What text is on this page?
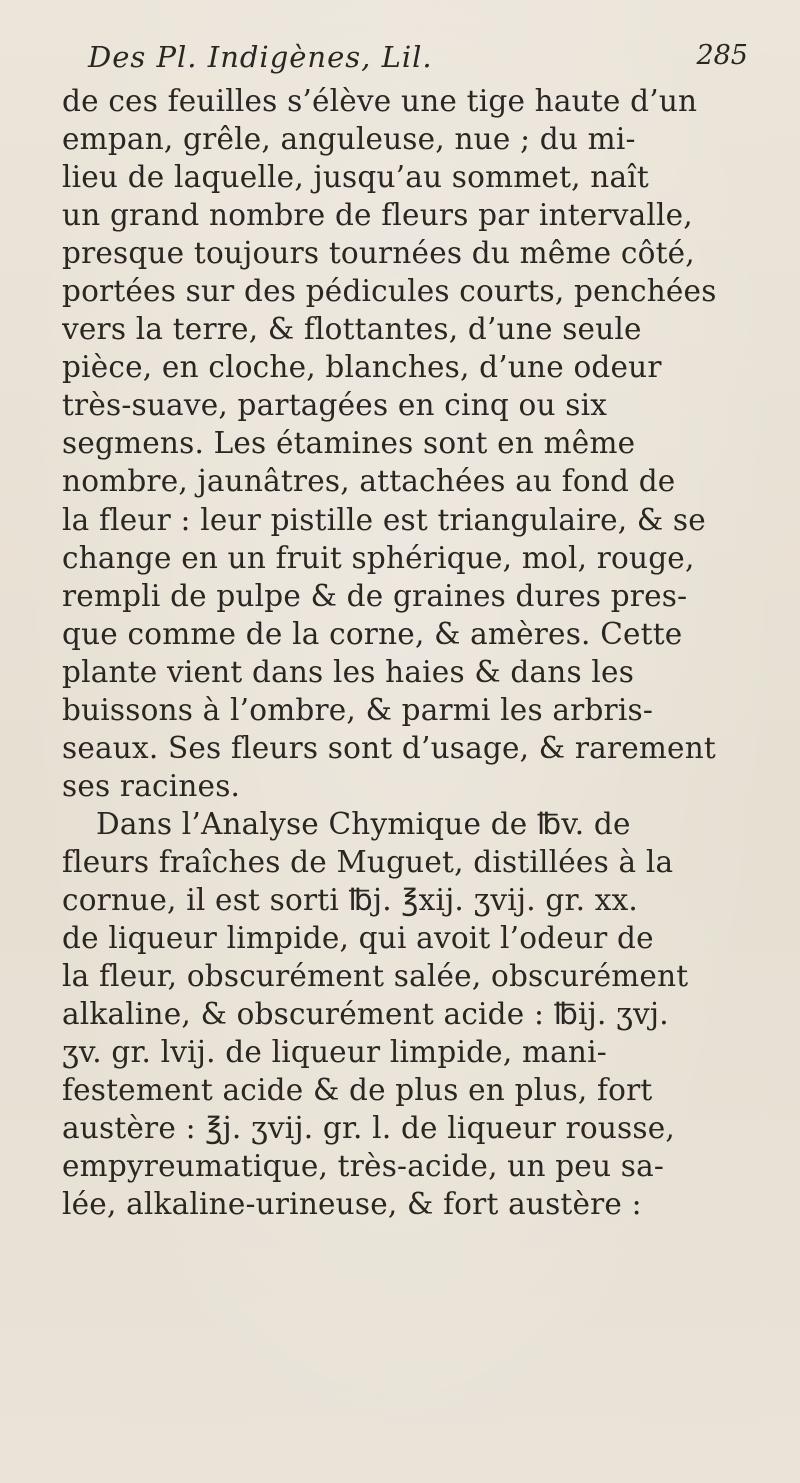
Des Pl. Indigènes, Lil.	285
de ces feuilles s’élève une tige haute d’un
empan, grêle, anguleuse, nue ; du mi-
lieu de laquelle, jusqu’au sommet, naît
un grand nombre de fleurs par intervalle,
presque toujours tournées du même côté,
portées sur des pédicules courts, penchées
vers la terre, & flottantes, d’une seule
pièce, en cloche, blanches, d’une odeur
très-suave, partagées en cinq ou six
segmens. Les étamines sont en même
nombre, jaunâtres, attachées au fond de
la fleur : leur pistille est triangulaire, & se
change en un fruit sphérique, mol, rouge,
rempli de pulpe & de graines dures pres-
que comme de la corne, & amères. Cette
plante vient dans les haies & dans les
buissons à l’ombre, & parmi les arbris-
seaux. Ses fleurs sont d’usage, & rarement
ses racines.
Dans l’Analyse Chymique de ℔v. de
fleurs fraîches de Muguet, distillées à la
cornue, il est sorti ℔j. ℥xij. ʒvij. gr. xx.
de liqueur limpide, qui avoit l’odeur de
la fleur, obscurément salée, obscurément
alkaline, & obscurément acide : ℔ij. ʒvj.
ʒv. gr. lvij. de liqueur limpide, mani-
festement acide & de plus en plus, fort
austère : ℥j. ʒvij. gr. l. de liqueur rousse,
empyreumatique, très-acide, un peu sa-
lée, alkaline-urineuse, & fort austère :
